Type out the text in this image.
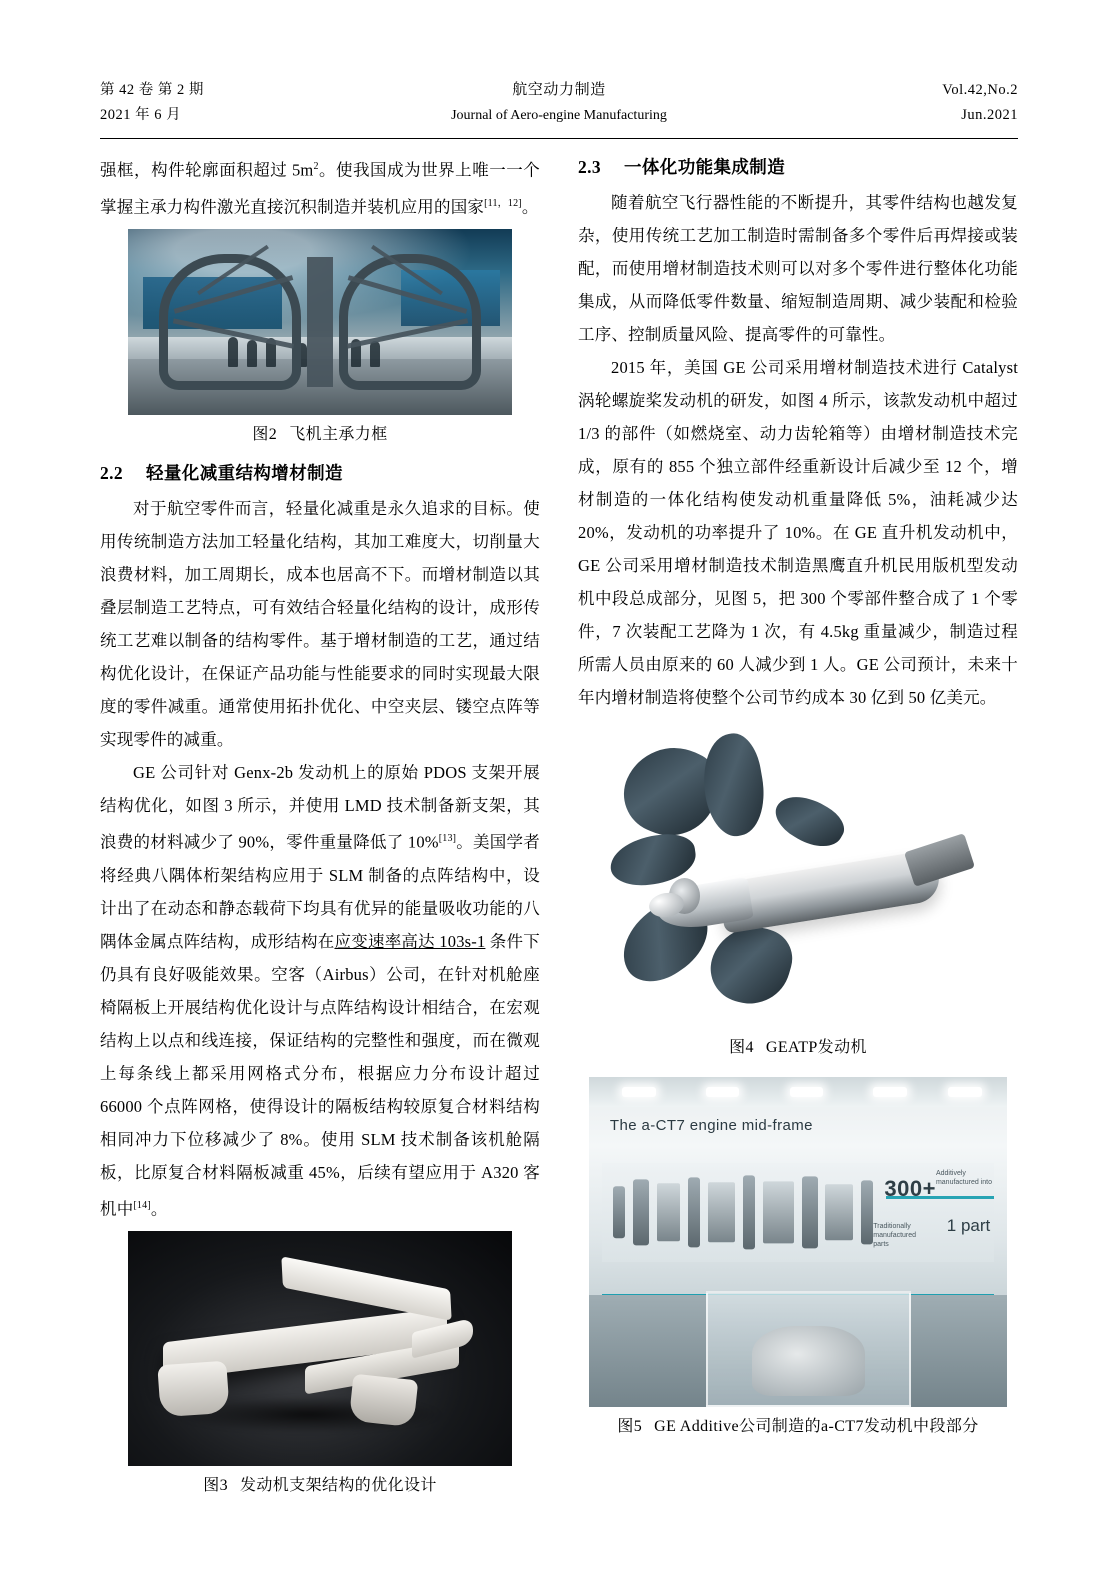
第 42 卷 第 2 期	航空动力制造	Vol.42,No.2
2021 年 6 月	Journal of Aero-engine Manufacturing	Jun.2021

强框，构件轮廓面积超过 $5m^2$。使我国成为世界上唯一一个掌握主承力构件激光直接沉积制造并装机应用的国家[11，12]。

图2 飞机主承力框
2.2 轻量化减重结构增材制造

对于航空零件而言，轻量化减重是永久追求的目标。使用传统制造方法加工轻量化结构，其加工难度大，切削量大浪费材料，加工周期长，成本也居高不下。而增材制造以其叠层制造工艺特点，可有效结合轻量化结构的设计，成形传统工艺难以制备的结构零件。基于增材制造的工艺，通过结构优化设计，在保证产品功能与性能要求的同时实现最大限度的零件减重。通常使用拓扑优化、中空夹层、镂空点阵等实现零件的减重。

GE 公司针对 Genx-2b 发动机上的原始 PDOS 支架开展结构优化，如图 3 所示，并使用 LMD 技术制备新支架，其浪费的材料减少了 90%，零件重量降低了 10%[13]。美国学者将经典八隅体桁架结构应用于 SLM 制备的点阵结构中，设计出了在动态和静态载荷下均具有优异的能量吸收功能的八隅体金属点阵结构，成形结构在应变速率高达 103s-1 条件下仍具有良好吸能效果。空客（Airbus）公司，在针对机舱座椅隔板上开展结构优化设计与点阵结构设计相结合，在宏观结构上以点和线连接，保证结构的完整性和强度，而在微观上每条线上都采用网格式分布，根据应力分布设计超过 66000 个点阵网格，使得设计的隔板结构较原复合材料结构相同冲力下位移减少了 8%。使用 SLM 技术制备该机舱隔板，比原复合材料隔板减重 45%，后续有望应用于 A320 客机中[14]。

图3 发动机支架结构的优化设计
2.3 一体化功能集成制造

随着航空飞行器性能的不断提升，其零件结构也越发复杂，使用传统工艺加工制造时需制备多个零件后再焊接或装配，而使用增材制造技术则可以对多个零件进行整体化功能集成，从而降低零件数量、缩短制造周期、减少装配和检验工序、控制质量风险、提高零件的可靠性。

2015 年，美国 GE 公司采用增材制造技术进行 Catalyst 涡轮螺旋桨发动机的研发，如图 4 所示，该款发动机中超过 1/3 的部件（如燃烧室、动力齿轮箱等）由增材制造技术完成，原有的 855 个独立部件经重新设计后减少至 12 个，增材制造的一体化结构使发动机重量降低 5%，油耗减少达 20%，发动机的功率提升了 10%。在 GE 直升机发动机中，GE 公司采用增材制造技术制造黑鹰直升机民用版机型发动机中段总成部分，见图 5，把 300 个零部件整合成了 1 个零件，7 次装配工艺降为 1 次，有 4.5kg 重量减少，制造过程所需人员由原来的 60 人减少到 1 人。GE 公司预计，未来十年内增材制造将使整个公司节约成本 30 亿到 50 亿美元。

图4 GEATP发动机
The a-CT7 engine mid-frame
300+
1 part
Traditionally manufactured parts
Additively manufactured into
图5 GE Additive公司制造的a-CT7发动机中段部分
